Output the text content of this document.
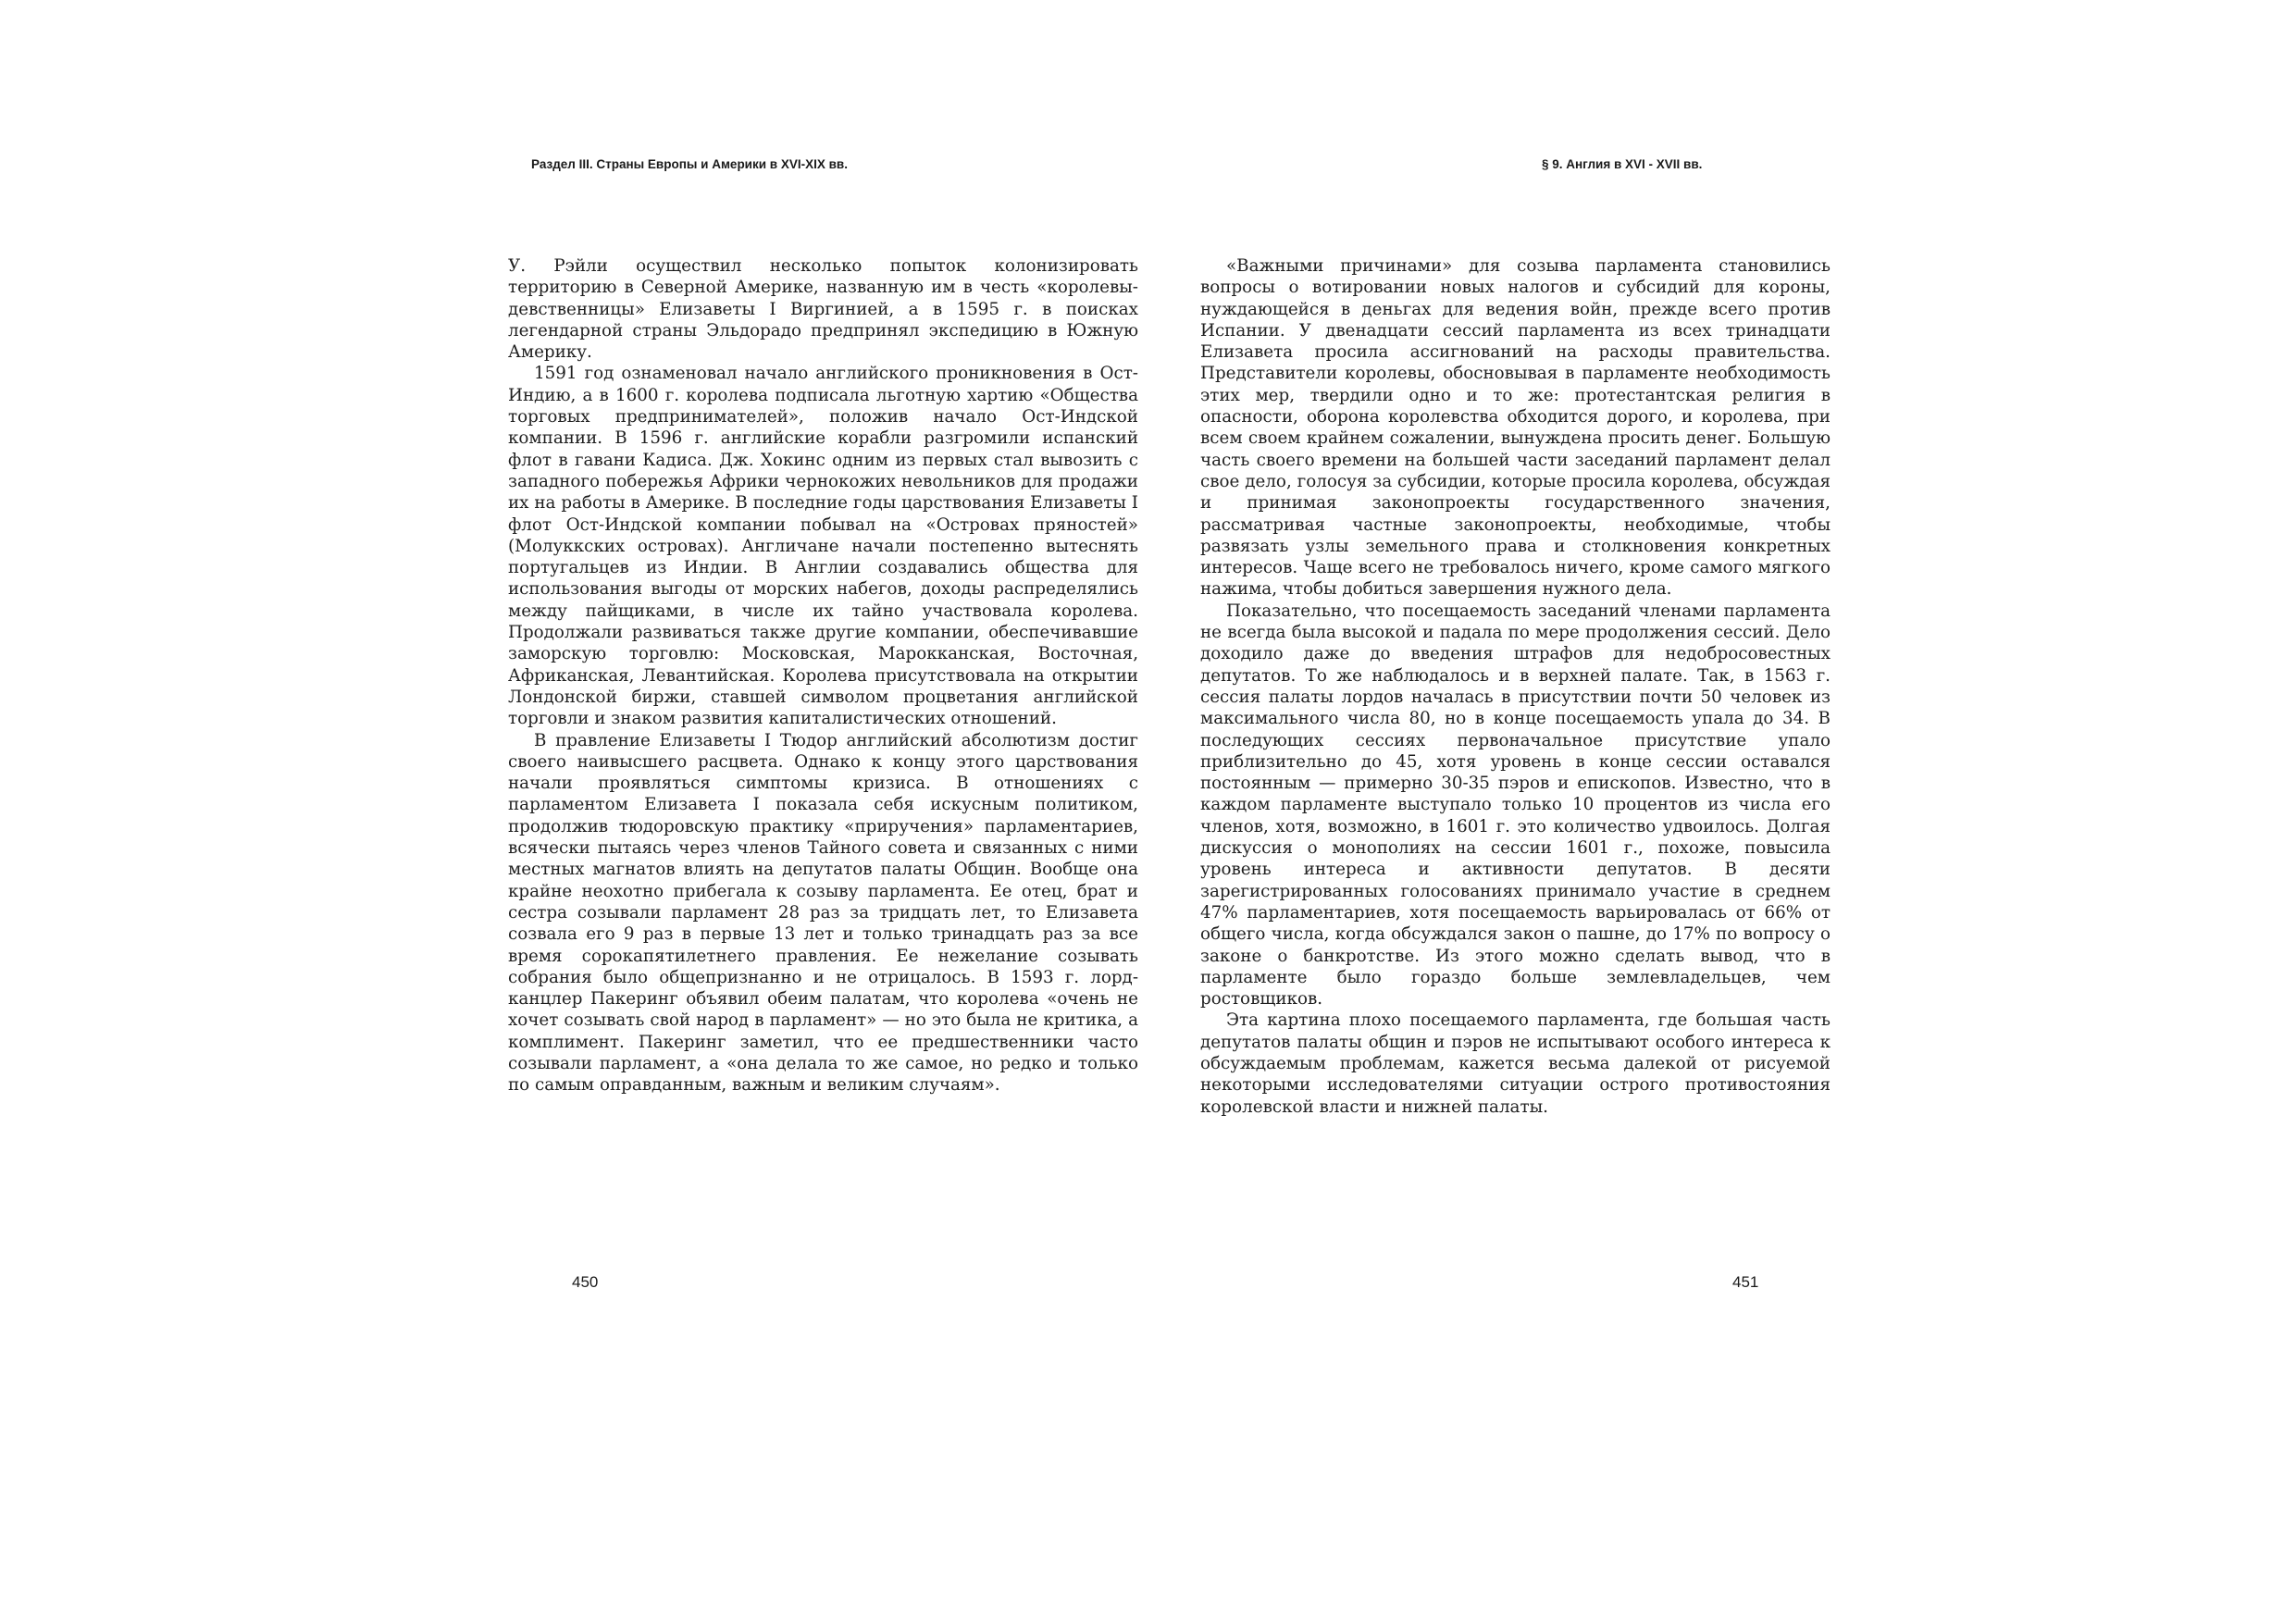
Раздел III. Страны Европы и Америки в XVI-XIX вв.	§ 9. Англия в XVI - XVII вв.

У. Рэйли осуществил несколько попыток колонизировать территорию в Северной Америке, названную им в честь «королевы-девственницы» Елизаветы I Виргинией, а в 1595 г. в поисках легендарной страны Эльдорадо предпринял экспедицию в Южную Америку.

1591 год ознаменовал начало английского проникновения в Ост-Индию, а в 1600 г. королева подписала льготную хартию «Общества торговых предпринимателей», положив начало Ост-Индской компании. В 1596 г. английские корабли разгромили испанский флот в гавани Кадиса. Дж. Хокинс одним из первых стал вывозить с западного побережья Африки чернокожих невольников для продажи их на работы в Америке. В последние годы царствования Елизаветы I флот Ост-Индской компании побывал на «Островах пряностей» (Молуккских островах). Англичане начали постепенно вытеснять португальцев из Индии. В Англии создавались общества для использования выгоды от морских набегов, доходы распределялись между пайщиками, в числе их тайно участвовала королева. Продолжали развиваться также другие компании, обеспечивавшие заморскую торговлю: Московская, Марокканская, Восточная, Африканская, Левантийская. Королева присутствовала на открытии Лондонской биржи, ставшей символом процветания английской торговли и знаком развития капиталистических отношений.

В правление Елизаветы I Тюдор английский абсолютизм достиг своего наивысшего расцвета. Однако к концу этого царствования начали проявляться симптомы кризиса. В отношениях с парламентом Елизавета I показала себя искусным политиком, продолжив тюдоровскую практику «приручения» парламентариев, всячески пытаясь через членов Тайного совета и связанных с ними местных магнатов влиять на депутатов палаты Общин. Вообще она крайне неохотно прибегала к созыву парламента. Ее отец, брат и сестра созывали парламент 28 раз за тридцать лет, то Елизавета созвала его 9 раз в первые 13 лет и только тринадцать раз за все время сорокапятилетнего правления. Ее нежелание созывать собрания было общепризнанно и не отрицалось. В 1593 г. лорд-канцлер Пакеринг объявил обеим палатам, что королева «очень не хочет созывать свой народ в парламент» — но это была не критика, а комплимент. Пакеринг заметил, что ее предшественники часто созывали парламент, а «она делала то же самое, но редко и только по самым оправданным, важным и великим случаям».

«Важными причинами» для созыва парламента становились вопросы о вотировании новых налогов и субсидий для короны, нуждающейся в деньгах для ведения войн, прежде всего против Испании. У двенадцати сессий парламента из всех тринадцати Елизавета просила ассигнований на расходы правительства. Представители королевы, обосновывая в парламенте необходимость этих мер, твердили одно и то же: протестантская религия в опасности, оборона королевства обходится дорого, и королева, при всем своем крайнем сожалении, вынуждена просить денег. Большую часть своего времени на большей части заседаний парламент делал свое дело, голосуя за субсидии, которые просила королева, обсуждая и принимая законопроекты государственного значения, рассматривая частные законопроекты, необходимые, чтобы развязать узлы земельного права и столкновения конкретных интересов. Чаще всего не требовалось ничего, кроме самого мягкого нажима, чтобы добиться завершения нужного дела.

Показательно, что посещаемость заседаний членами парламента не всегда была высокой и падала по мере продолжения сессий. Дело доходило даже до введения штрафов для недобросовестных депутатов. То же наблюдалось и в верхней палате. Так, в 1563 г. сессия палаты лордов началась в присутствии почти 50 человек из максимального числа 80, но в конце посещаемость упала до 34. В последующих сессиях первоначальное присутствие упало приблизительно до 45, хотя уровень в конце сессии оставался постоянным — примерно 30-35 пэров и епископов. Известно, что в каждом парламенте выступало только 10 процентов из числа его членов, хотя, возможно, в 1601 г. это количество удвоилось. Долгая дискуссия о монополиях на сессии 1601 г., похоже, повысила уровень интереса и активности депутатов. В десяти зарегистрированных голосованиях принимало участие в среднем 47% парламентариев, хотя посещаемость варьировалась от 66% от общего числа, когда обсуждался закон о пашне, до 17% по вопросу о законе о банкротстве. Из этого можно сделать вывод, что в парламенте было гораздо больше землевладельцев, чем ростовщиков.

Эта картина плохо посещаемого парламента, где большая часть депутатов палаты общин и пэров не испытывают особого интереса к обсуждаемым проблемам, кажется весьма далекой от рисуемой некоторыми исследователями ситуации острого противостояния королевской власти и нижней палаты.

450	451
